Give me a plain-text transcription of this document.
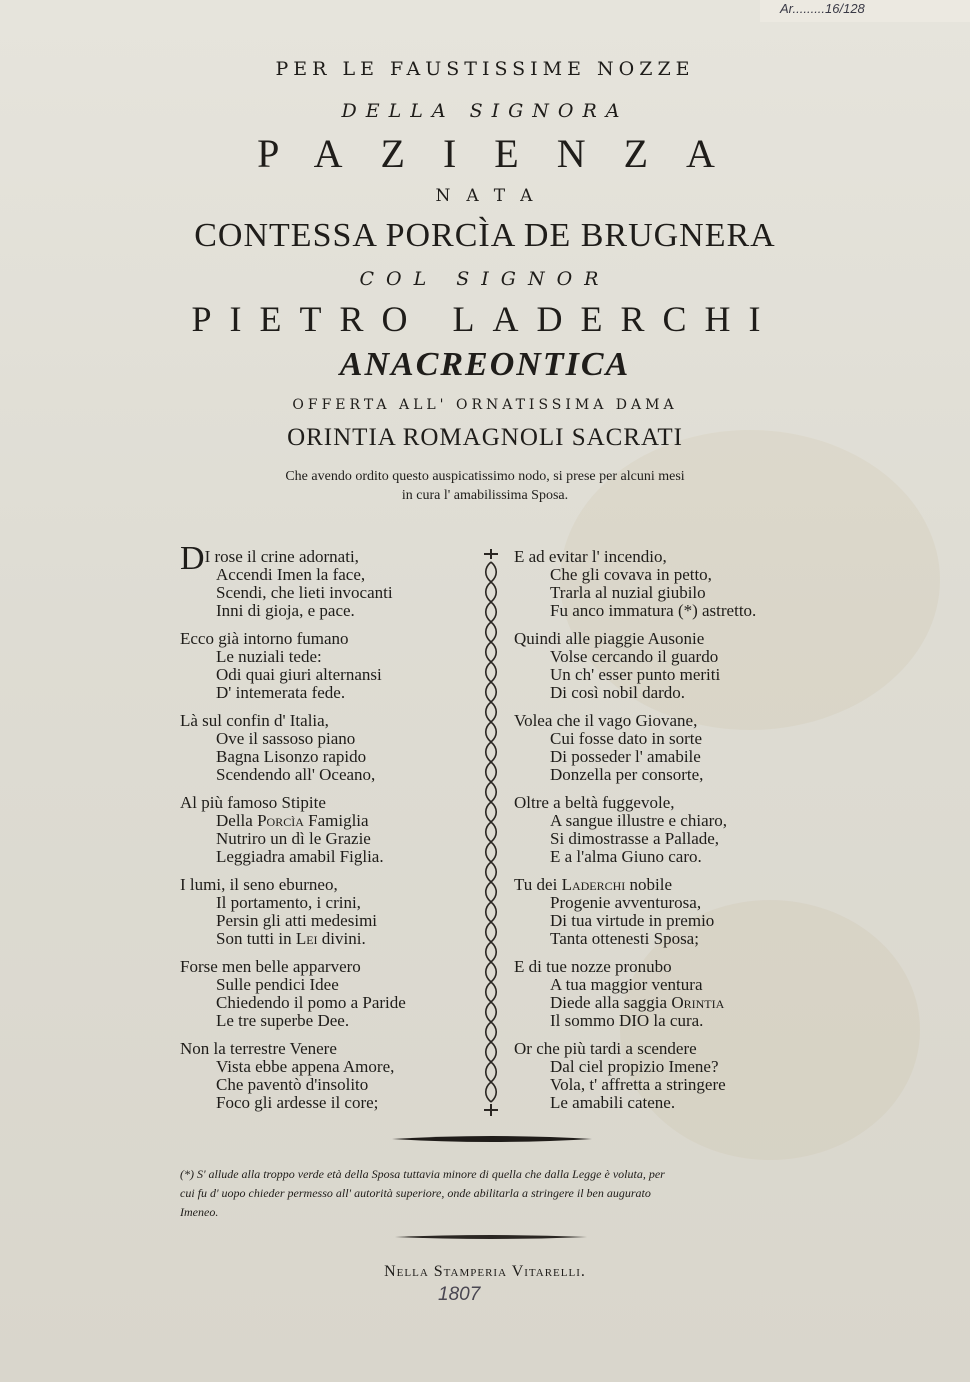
Ar.........16/128
PER LE FAUSTISSIME NOZZE
DELLA SIGNORA
PAZIENZA
NATA
CONTESSA PORCÌA DE BRUGNERA
COL SIGNOR
PIETRO LADERCHI
ANACREONTICA
OFFERTA ALL' ORNATISSIMA DAMA
ORINTIA ROMAGNOLI SACRATI
Che avendo ordito questo auspicatissimo nodo, si prese per alcuni mesi
in cura l' amabilissima Sposa.
DI rose il crine adornati,
Accendi Imen la face,
Scendi, che lieti invocanti
Inni di gioja, e pace.
Ecco già intorno fumano
Le nuziali tede:
Odi quai giuri alternansi
D' intemerata fede.
Là sul confin d' Italia,
Ove il sassoso piano
Bagna Lisonzo rapido
Scendendo all' Oceano,
Al più famoso Stipite
Della Porcìa Famiglia
Nutriro un dì le Grazie
Leggiadra amabil Figlia.
I lumi, il seno eburneo,
Il portamento, i crini,
Persin gli atti medesimi
Son tutti in Lei divini.
Forse men belle apparvero
Sulle pendici Idee
Chiedendo il pomo a Paride
Le tre superbe Dee.
Non la terrestre Venere
Vista ebbe appena Amore,
Che paventò d'insolito
Foco gli ardesse il core;
E ad evitar l' incendio,
Che gli covava in petto,
Trarla al nuzial giubilo
Fu anco immatura (*) astretto.
Quindi alle piaggie Ausonie
Volse cercando il guardo
Un ch' esser punto meriti
Di così nobil dardo.
Volea che il vago Giovane,
Cui fosse dato in sorte
Di posseder l' amabile
Donzella per consorte,
Oltre a beltà fuggevole,
A sangue illustre e chiaro,
Si dimostrasse a Pallade,
E a l'alma Giuno caro.
Tu dei Laderchi nobile
Progenie avventurosa,
Di tua virtude in premio
Tanta ottenesti Sposa;
E di tue nozze pronubo
A tua maggior ventura
Diede alla saggia Orintia
Il sommo DIO la cura.
Or che più tardi a scendere
Dal ciel propizio Imene?
Vola, t' affretta a stringere
Le amabili catene.
(*) S' allude alla troppo verde età della Sposa tuttavia minore di quella che dalla Legge è voluta, per
cui fu d' uopo chieder permesso all' autorità superiore, onde abilitarla a stringere il ben augurato
Imeneo.
Nella Stamperia Vitarelli.
1807
